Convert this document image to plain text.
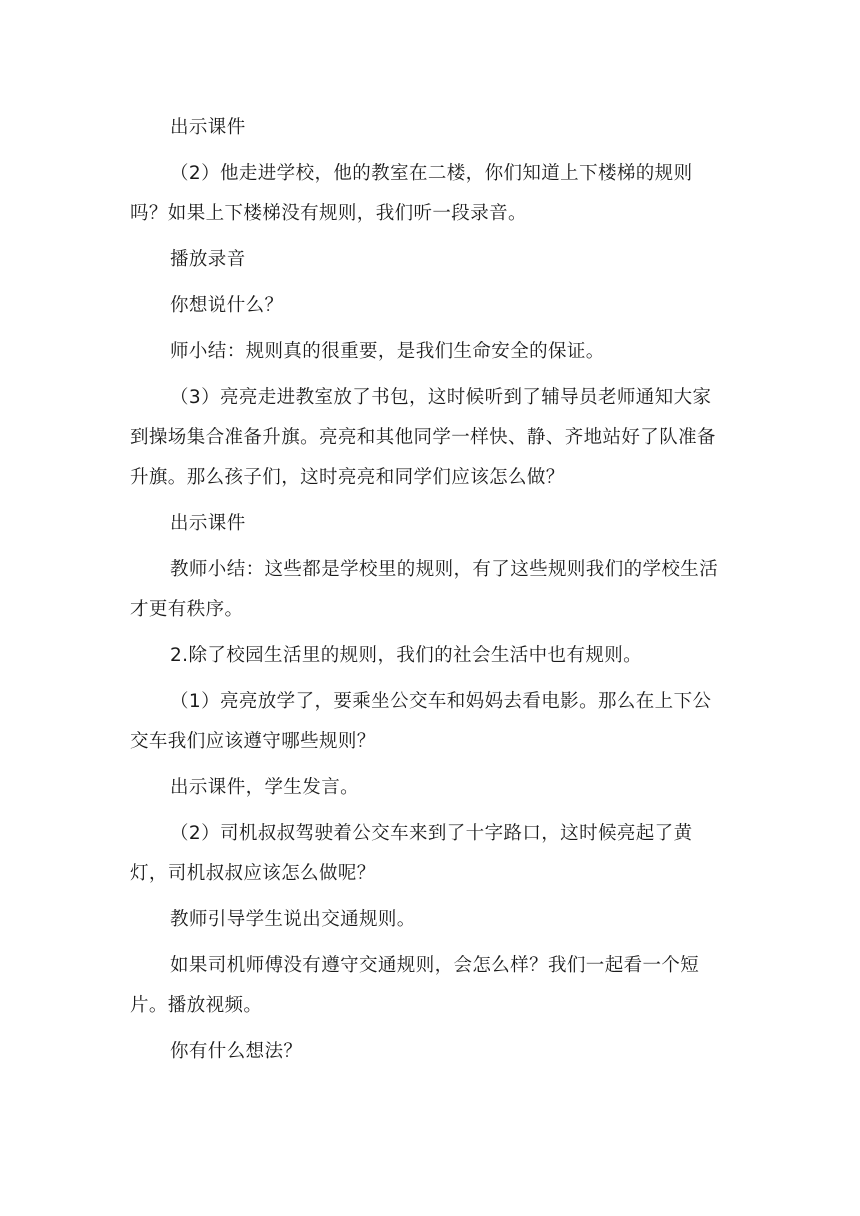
出示课件

（2）他走进学校，他的教室在二楼，你们知道上下楼梯的规则吗？如果上下楼梯没有规则，我们听一段录音。

播放录音

你想说什么？

师小结：规则真的很重要，是我们生命安全的保证。

（3）亮亮走进教室放了书包，这时候听到了辅导员老师通知大家到操场集合准备升旗。亮亮和其他同学一样快、静、齐地站好了队准备升旗。那么孩子们，这时亮亮和同学们应该怎么做？

出示课件

教师小结：这些都是学校里的规则，有了这些规则我们的学校生活才更有秩序。

2.除了校园生活里的规则，我们的社会生活中也有规则。

（1）亮亮放学了，要乘坐公交车和妈妈去看电影。那么在上下公交车我们应该遵守哪些规则？

出示课件，学生发言。

（2）司机叔叔驾驶着公交车来到了十字路口，这时候亮起了黄灯，司机叔叔应该怎么做呢？

教师引导学生说出交通规则。

如果司机师傅没有遵守交通规则，会怎么样？我们一起看一个短片。播放视频。

你有什么想法？
